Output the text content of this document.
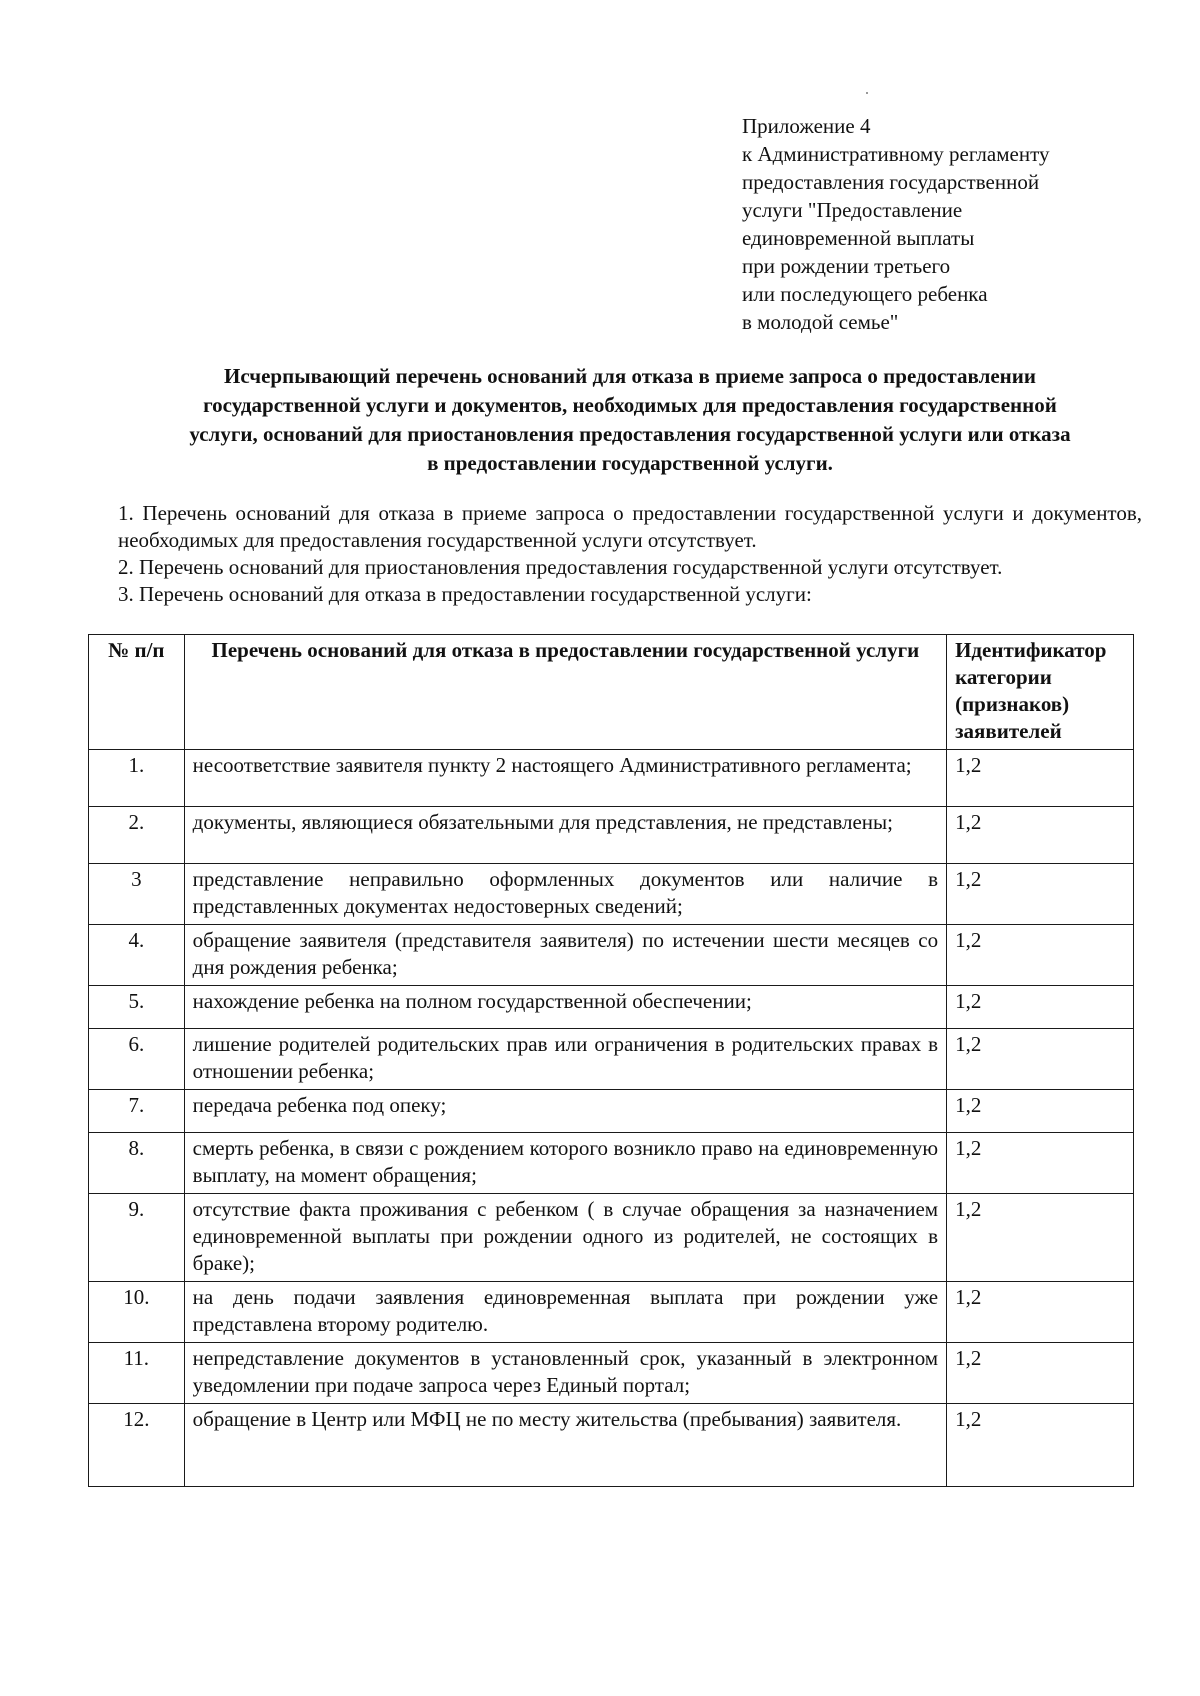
Приложение 4
к Административному регламенту
предоставления государственной
услуги "Предоставление
единовременной выплаты
при рождении третьего
или последующего ребенка
в молодой семье"
Исчерпывающий перечень оснований для отказа в приеме запроса о предоставлении
государственной услуги и документов, необходимых для предоставления государственной
услуги, оснований для приостановления предоставления государственной услуги или отказа
в предоставлении государственной услуги.

1. Перечень оснований для отказа в приеме запроса о предоставлении государственной услуги и документов, необходимых для предоставления государственной услуги отсутствует.

2. Перечень оснований для приостановления предоставления государственной услуги отсутствует.

3. Перечень оснований для отказа в предоставлении государственной услуги:

№ п/п	Перечень оснований для отказа в предоставлении государственной услуги	Идентификатор категории (признаков) заявителей
1.	несоответствие заявителя пункту 2 настоящего Административного регламента;	1,2
2.	документы, являющиеся обязательными для представления, не представлены;	1,2
3	представление неправильно оформленных документов или наличие в представленных документах недостоверных сведений;	1,2
4.	обращение заявителя (представителя заявителя) по истечении шести месяцев со дня рождения ребенка;	1,2
5.	нахождение ребенка на полном государственной обеспечении;	1,2
6.	лишение родителей родительских прав или ограничения в родительских правах в отношении ребенка;	1,2
7.	передача ребенка под опеку;	1,2
8.	смерть ребенка, в связи с рождением которого возникло право на единовременную выплату, на момент обращения;	1,2
9.	отсутствие факта проживания с ребенком ( в случае обращения за назначением единовременной выплаты при рождении одного из родителей, не состоящих в браке);	1,2
10.	на день подачи заявления единовременная выплата при рождении уже представлена второму родителю.	1,2
11.	непредставление документов в установленный срок, указанный в электронном уведомлении при подаче запроса через Единый портал;	1,2
12.	обращение в Центр или МФЦ не по месту жительства (пребывания) заявителя.	1,2
